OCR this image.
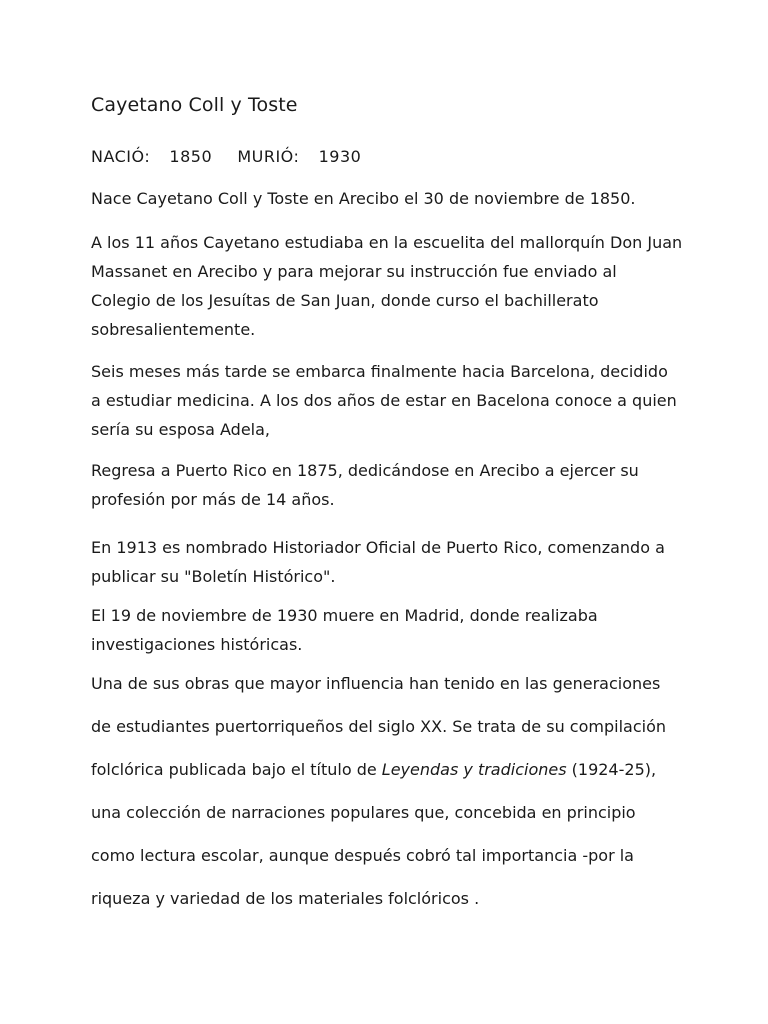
Cayetano Coll y Toste
NACIÓ: 1850 MURIÓ: 1930

Nace Cayetano Coll y Toste en Arecibo el 30 de noviembre de 1850.

A los 11 años Cayetano estudiaba en la escuelita del mallorquín Don Juan
Massanet en Arecibo y para mejorar su instrucción fue enviado al
Colegio de los Jesuítas de San Juan, donde curso el bachillerato
sobresalientemente.

Seis meses más tarde se embarca finalmente hacia Barcelona, decidido
a estudiar medicina. A los dos años de estar en Bacelona conoce a quien
sería su esposa Adela,

Regresa a Puerto Rico en 1875, dedicándose en Arecibo a ejercer su
profesión por más de 14 años.

En 1913 es nombrado Historiador Oficial de Puerto Rico, comenzando a
publicar su "Boletín Histórico".

El 19 de noviembre de 1930 muere en Madrid, donde realizaba
investigaciones históricas.

Una de sus obras que mayor influencia han tenido en las generaciones
de estudiantes puertorriqueños del siglo XX. Se trata de su compilación
folclórica publicada bajo el título de Leyendas y tradiciones (1924-25),
una colección de narraciones populares que, concebida en principio
como lectura escolar, aunque después cobró tal importancia -por la
riqueza y variedad de los materiales folclóricos .
